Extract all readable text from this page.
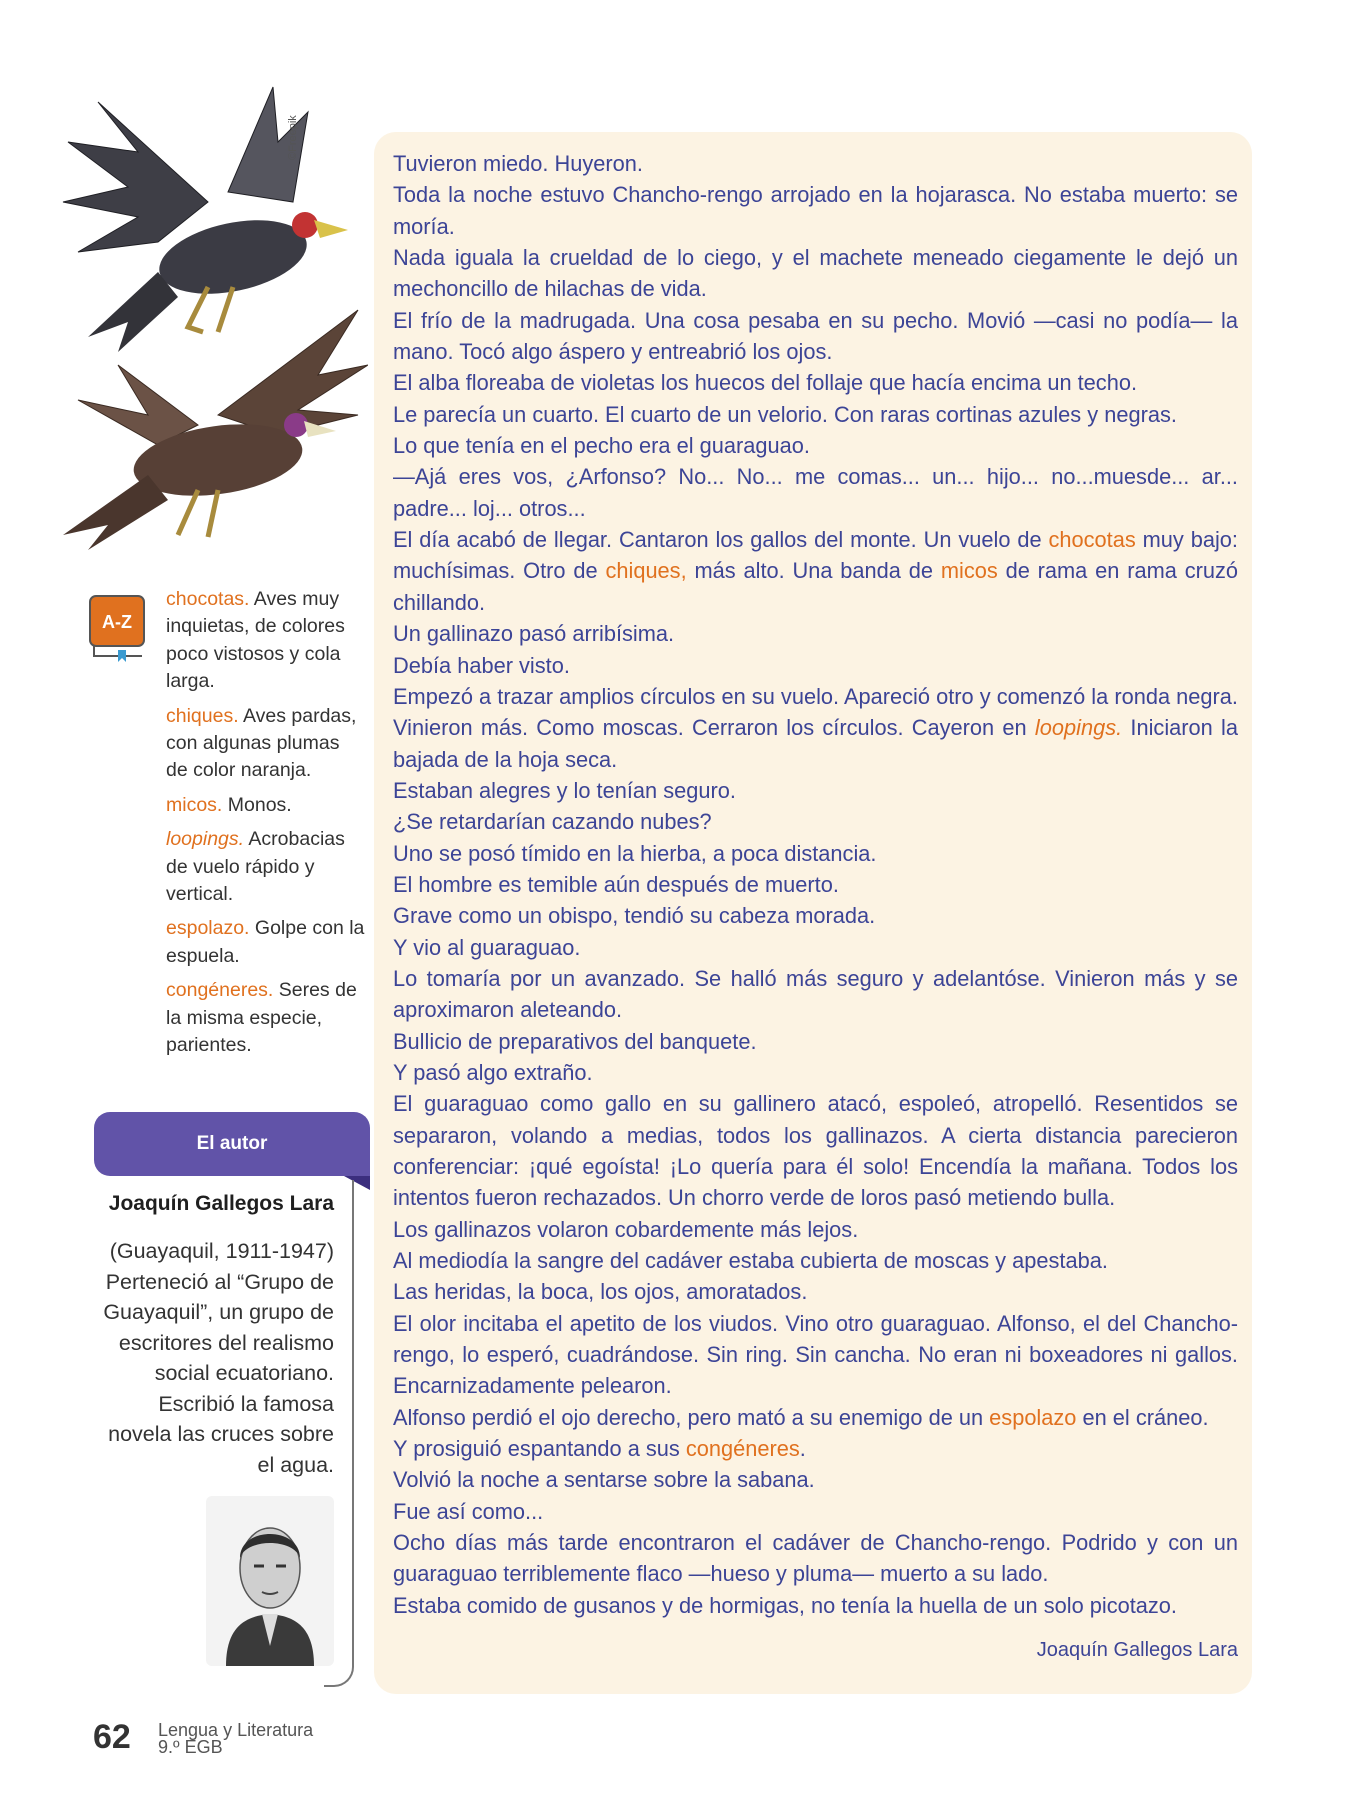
©Freepik
A-Z
chocotas. Aves muy inquietas, de colores poco vistosos y cola larga.
chiques. Aves pardas, con algunas plumas de color naranja.
micos. Monos.
loopings. Acrobacias de vuelo rápido y vertical.
espolazo. Golpe con la espuela.
congéneres. Seres de la misma especie, parientes.
El autor
Joaquín Gallegos Lara
(Guayaquil, 1911-1947) Perteneció al “Grupo de Guayaquil”, un grupo de escritores del realismo social ecuatoriano. Escribió la famosa novela las cruces sobre el agua.

Tuvieron miedo. Huyeron.

Toda la noche estuvo Chancho-rengo arrojado en la hojarasca. No estaba muerto: se moría.

Nada iguala la crueldad de lo ciego, y el machete meneado ciegamente le dejó un mechoncillo de hilachas de vida.

El frío de la madrugada. Una cosa pesaba en su pecho. Movió —casi no podía— la mano. Tocó algo áspero y entreabrió los ojos.

El alba floreaba de violetas los huecos del follaje que hacía encima un techo.

Le parecía un cuarto. El cuarto de un velorio. Con raras cortinas azules y negras.

Lo que tenía en el pecho era el guaraguao.

—Ajá eres vos, ¿Arfonso? No... No... me comas... un... hijo... no...muesde... ar... padre... loj... otros...

El día acabó de llegar. Cantaron los gallos del monte. Un vuelo de chocotas muy bajo: muchísimas. Otro de chiques, más alto. Una banda de micos de rama en rama cruzó chillando.

Un gallinazo pasó arribísima.

Debía haber visto.

Empezó a trazar amplios círculos en su vuelo. Apareció otro y comenzó la ronda negra. Vinieron más. Como moscas. Cerraron los círculos. Cayeron en loopings. Iniciaron la bajada de la hoja seca.

Estaban alegres y lo tenían seguro.

¿Se retardarían cazando nubes?

Uno se posó tímido en la hierba, a poca distancia.

El hombre es temible aún después de muerto.

Grave como un obispo, tendió su cabeza morada.

Y vio al guaraguao.

Lo tomaría por un avanzado. Se halló más seguro y adelantóse. Vinieron más y se aproximaron aleteando.

Bullicio de preparativos del banquete.

Y pasó algo extraño.

El guaraguao como gallo en su gallinero atacó, espoleó, atropelló. Resentidos se separaron, volando a medias, todos los gallinazos. A cierta distancia parecieron conferenciar: ¡qué egoísta! ¡Lo quería para él solo! Encendía la mañana. Todos los intentos fueron rechazados. Un chorro verde de loros pasó metiendo bulla.

Los gallinazos volaron cobardemente más lejos.

Al mediodía la sangre del cadáver estaba cubierta de moscas y apestaba.

Las heridas, la boca, los ojos, amoratados.

El olor incitaba el apetito de los viudos. Vino otro guaraguao. Alfonso, el del Chancho-rengo, lo esperó, cuadrándose. Sin ring. Sin cancha. No eran ni boxeadores ni gallos. Encarnizadamente pelearon.

Alfonso perdió el ojo derecho, pero mató a su enemigo de un espolazo en el cráneo.

Y prosiguió espantando a sus congéneres.

Volvió la noche a sentarse sobre la sabana.

Fue así como...

Ocho días más tarde encontraron el cadáver de Chancho-rengo. Podrido y con un guaraguao terriblemente flaco —hueso y pluma— muerto a su lado.

Estaba comido de gusanos y de hormigas, no tenía la huella de un solo picotazo.

Joaquín Gallegos Lara
62 Lengua y Literatura
9.º EGB
